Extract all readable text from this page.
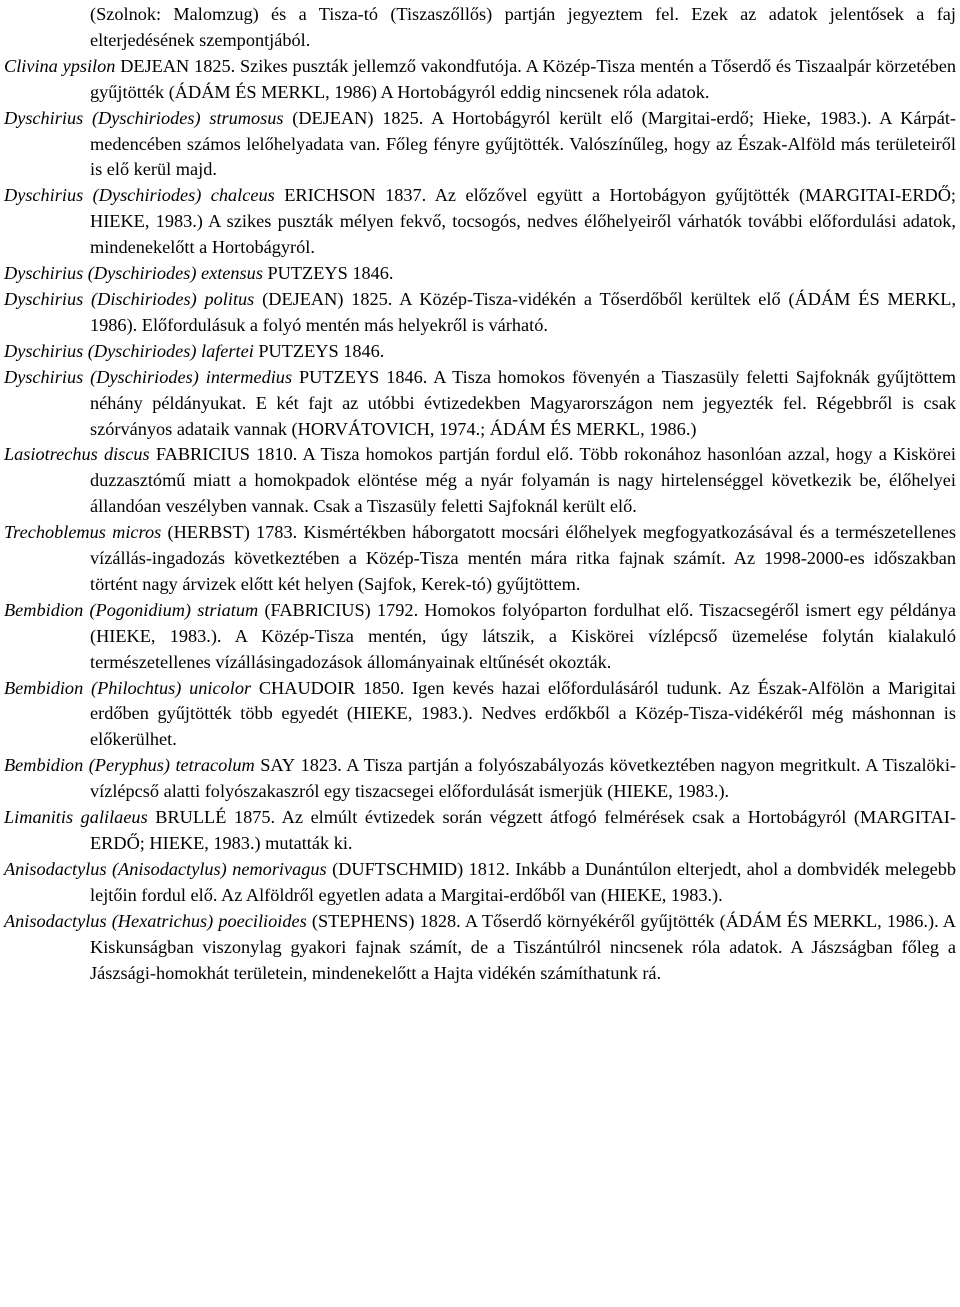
(Szolnok: Malomzug) és a Tisza-tó (Tiszaszőllős) partján jegyeztem fel. Ezek az adatok jelentősek a faj elterjedésének szempontjából.

Clivina ypsilon DEJEAN 1825. Szikes puszták jellemző vakondfutója. A Közép-Tisza mentén a Tőserdő és Tiszaalpár körzetében gyűjtötték (ÁDÁM ÉS MERKL, 1986) A Hortobágyról eddig nincsenek róla adatok.

Dyschirius (Dyschiriodes) strumosus (DEJEAN) 1825. A Hortobágyról került elő (Margitai-erdő; Hieke, 1983.). A Kárpát-medencében számos lelőhelyadata van. Főleg fényre gyűjtötték. Valószínűleg, hogy az Észak-Alföld más területeiről is elő kerül majd.

Dyschirius (Dyschiriodes) chalceus ERICHSON 1837. Az előzővel együtt a Hortobágyon gyűjtötték (MARGITAI-ERDŐ; HIEKE, 1983.) A szikes puszták mélyen fekvő, tocsogós, nedves élőhelyeiről várhatók további előfordulási adatok, mindenekelőtt a Hortobágyról.

Dyschirius (Dyschiriodes) extensus PUTZEYS 1846.

Dyschirius (Dischiriodes) politus (DEJEAN) 1825. A Közép-Tisza-vidékén a Tőserdőből kerültek elő (ÁDÁM ÉS MERKL, 1986). Előfordulásuk a folyó mentén más helyekről is várható.

Dyschirius (Dyschiriodes) lafertei PUTZEYS 1846.

Dyschirius (Dyschiriodes) intermedius PUTZEYS 1846. A Tisza homokos fövenyén a Tiaszasüly feletti Sajfoknák gyűjtöttem néhány példányukat. E két fajt az utóbbi évtizedekben Magyarországon nem jegyezték fel. Régebbről is csak szórványos adataik vannak (HORVÁTOVICH, 1974.; ÁDÁM ÉS MERKL, 1986.)

Lasiotrechus discus FABRICIUS 1810. A Tisza homokos partján fordul elő. Több rokonához hasonlóan azzal, hogy a Kiskörei duzzasztómű miatt a homokpadok elöntése még a nyár folyamán is nagy hirtelenséggel következik be, élőhelyei állandóan veszélyben vannak. Csak a Tiszasüly feletti Sajfoknál került elő.

Trechoblemus micros (HERBST) 1783. Kismértékben háborgatott mocsári élőhelyek megfogyatkozásával és a természetellenes vízállás-ingadozás következtében a Közép-Tisza mentén mára ritka fajnak számít. Az 1998-2000-es időszakban történt nagy árvizek előtt két helyen (Sajfok, Kerek-tó) gyűjtöttem.

Bembidion (Pogonidium) striatum (FABRICIUS) 1792. Homokos folyóparton fordulhat elő. Tiszacsegéről ismert egy példánya (HIEKE, 1983.). A Közép-Tisza mentén, úgy látszik, a Kiskörei vízlépcső üzemelése folytán kialakuló természetellenes vízállásingadozások állományainak eltűnését okozták.

Bembidion (Philochtus) unicolor CHAUDOIR 1850. Igen kevés hazai előfordulásáról tudunk. Az Észak-Alfölön a Marigitai erdőben gyűjtötték több egyedét (HIEKE, 1983.). Nedves erdőkből a Közép-Tisza-vidékéről még máshonnan is előkerülhet.

Bembidion (Peryphus) tetracolum SAY 1823. A Tisza partján a folyószabályozás következtében nagyon megritkult. A Tiszalöki-vízlépcső alatti folyószakaszról egy tiszacsegei előfordulását ismerjük (HIEKE, 1983.).

Limanitis galilaeus BRULLÉ 1875. Az elmúlt évtizedek során végzett átfogó felmérések csak a Hortobágyról (MARGITAI-ERDŐ; HIEKE, 1983.) mutatták ki.

Anisodactylus (Anisodactylus) nemorivagus (DUFTSCHMID) 1812. Inkább a Dunántúlon elterjedt, ahol a dombvidék melegebb lejtőin fordul elő. Az Alföldről egyetlen adata a Margitai-erdőből van (HIEKE, 1983.).

Anisodactylus (Hexatrichus) poecilioides (STEPHENS) 1828. A Tőserdő környékéről gyűjtötték (ÁDÁM ÉS MERKL, 1986.). A Kiskunságban viszonylag gyakori fajnak számít, de a Tiszántúlról nincsenek róla adatok. A Jászságban főleg a Jászsági-homokhát területein, mindenekelőtt a Hajta vidékén számíthatunk rá.
